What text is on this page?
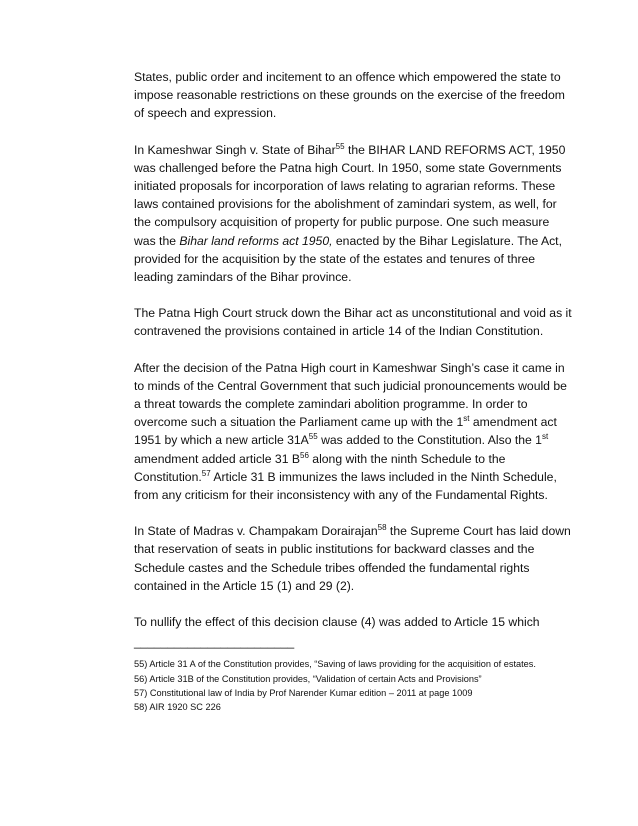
States, public order and incitement to an offence which empowered the state to impose reasonable restrictions on these grounds on the exercise of the freedom of speech and expression.

In Kameshwar Singh v. State of Bihar$^{55}$ the BIHAR LAND REFORMS ACT, 1950 was challenged before the Patna high Court. In 1950, some state Governments initiated proposals for incorporation of laws relating to agrarian reforms. These laws contained provisions for the abolishment of zamindari system, as well, for the compulsory acquisition of property for public purpose. One such measure was the Bihar land reforms act 1950, enacted by the Bihar Legislature. The Act, provided for the acquisition by the state of the estates and tenures of three leading zamindars of the Bihar province.

The Patna High Court struck down the Bihar act as unconstitutional and void as it contravened the provisions contained in article 14 of the Indian Constitution.

After the decision of the Patna High court in Kameshwar Singh’s case it came in to minds of the Central Government that such judicial pronouncements would be a threat towards the complete zamindari abolition programme. In order to overcome such a situation the Parliament came up with the 1st amendment act 1951 by which a new article $31A^{55}$ was added to the Constitution. Also the 1st amendment added article 31 $B^{56}$ along with the ninth Schedule to the Constitution.$^{57}$ Article 31 B immunizes the laws included in the Ninth Schedule, from any criticism for their inconsistency with any of the Fundamental Rights.

In State of Madras v. Champakam Dorairajan$^{58}$ the Supreme Court has laid down that reservation of seats in public institutions for backward classes and the Schedule castes and the Schedule tribes offended the fundamental rights contained in the Article 15 (1) and 29 (2).

To nullify the effect of this decision clause (4) was added to Article 15 which

________________________

55) Article 31 A of the Constitution provides, “Saving of laws providing for the acquisition of estates.

56) Article 31B of the Constitution provides, “Validation of certain Acts and Provisions”

57) Constitutional law of India by Prof Narender Kumar edition – 2011 at page 1009

58) AIR 1920 SC 226
